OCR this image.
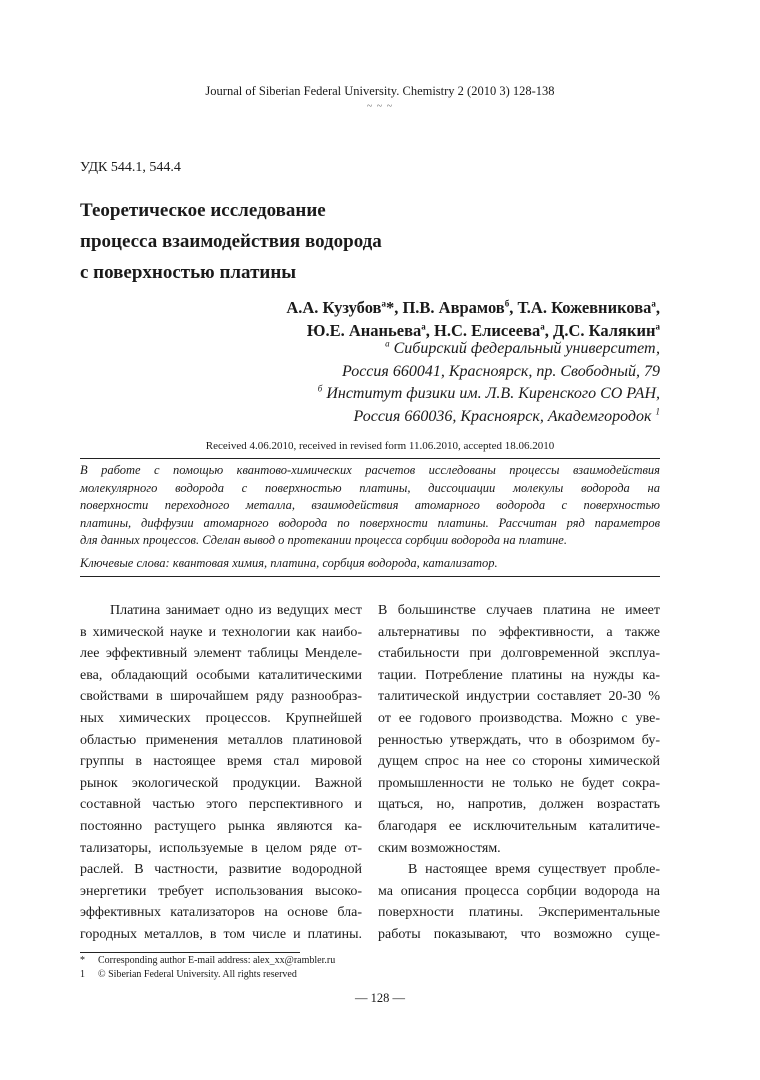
Journal of Siberian Federal University. Chemistry 2 (2010 3) 128-138
~ ~ ~
УДК 544.1, 544.4
Теоретическое исследование
процесса взаимодействия водорода
с поверхностью платины
А.А. Кузубов$^а$*, П.В. Аврамов$^б$, Т.А. Кожевникова$^а$,
Ю.Е. Ананьева$^а$, Н.С. Елисеева$^а$, Д.С. Калякин$^а$
$^а$ Сибирский федеральный университет,
Россия 660041, Красноярск, пр. Свободный, 79
$^б$ Институт физики им. Л.В. Киренского СО РАН,
Россия 660036, Красноярск, Академгородок $^1$
Received 4.06.2010, received in revised form 11.06.2010, accepted 18.06.2010
В работе с помощью квантово-химических расчетов исследованы процессы взаимодействия
молекулярного водорода с поверхностью платины, диссоциации молекулы водорода на
поверхности переходного металла, взаимодействия атомарного водорода с поверхностью
платины, диффузии атомарного водорода по поверхности платины. Рассчитан ряд параметров
для данных процессов. Сделан вывод о протекании процесса сорбции водорода на платине.
Ключевые слова: квантовая химия, платина, сорбция водорода, катализатор.
Платина занимает одно из ведущих мест
в химической науке и технологии как наибо-
лее эффективный элемент таблицы Менделе-
ева, обладающий особыми каталитическими
свойствами в широчайшем ряду разнообраз-
ных химических процессов. Крупнейшей
областью применения металлов платиновой
группы в настоящее время стал мировой
рынок экологической продукции. Важной
составной частью этого перспективного и
постоянно растущего рынка являются ка-
тализаторы, используемые в целом ряде от-
раслей. В частности, развитие водородной
энергетики требует использования высоко-
эффективных катализаторов на основе бла-
городных металлов, в том числе и платины.
В большинстве случаев платина не имеет
альтернативы по эффективности, а также
стабильности при долговременной эксплуа-
тации. Потребление платины на нужды ка-
талитической индустрии составляет 20-30 %
от ее годового производства. Можно с уве-
ренностью утверждать, что в обозримом бу-
дущем спрос на нее со стороны химической
промышленности не только не будет сокра-
щаться, но, напротив, должен возрастать
благодаря ее исключительным каталитиче-
ским возможностям.
В настоящее время существует пробле-
ма описания процесса сорбции водорода на
поверхности платины. Экспериментальные
работы показывают, что возможно суще-
* Corresponding author E-mail address: alex_xx@rambler.ru
1 © Siberian Federal University. All rights reserved
— 128 —
